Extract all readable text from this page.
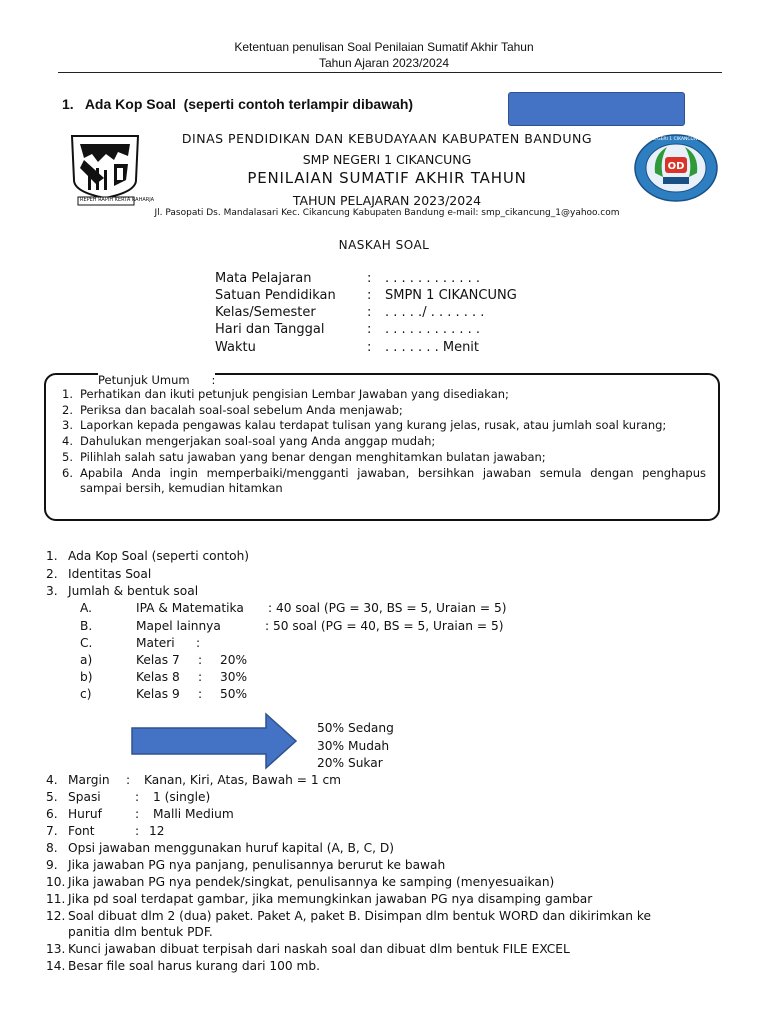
Ketentuan penulisan Soal Penilaian Sumatif Akhir Tahun
Tahun Ajaran 2023/2024
1.   Ada Kop Soal  (seperti contoh terlampir dibawah)
REPEH RAPIH KERTA RAHARJA
DINAS PENDIDIKAN DAN KEBUDAYAAN KABUPATEN BANDUNG
SMP NEGERI 1 CIKANCUNG
PENILAIAN SUMATIF AKHIR TAHUN
TAHUN PELAJARAN 2023/2024
Jl. Pasopati Ds. Mandalasari Kec. Cikancung Kabupaten Bandung e-mail: smp_cikancung_1@yahoo.com
OD
SMP NEGERI 1 CIKANCUNG KAB. BANDUNG
NASKAH SOAL
Mata Pelajaran	: . . . . . . . . . . . .
Satuan Pendidikan : SMPN 1 CIKANCUNG
Kelas/Semester	: . . . . ./ . . . . . . .
Hari dan Tanggal	: . . . . . . . . . . . .
Waktu	: . . . . . . . Menit
Petunjuk Umum      :
1. Perhatikan dan ikuti petunjuk pengisian Lembar Jawaban yang disediakan;
2. Periksa dan bacalah soal-soal sebelum Anda menjawab;
3. Laporkan kepada pengawas kalau terdapat tulisan yang kurang jelas, rusak, atau jumlah soal kurang;
4. Dahulukan mengerjakan soal-soal yang Anda anggap mudah;
5. Pilihlah salah satu jawaban yang benar dengan menghitamkan bulatan jawaban;
6. Apabila Anda ingin memperbaiki/mengganti jawaban, bersihkan jawaban semula dengan penghapus sampai bersih, kemudian hitamkan
1. Ada Kop Soal (seperti contoh)
2. Identitas Soal
3. Jumlah & bentuk soal
A.	IPA & Matematika : 40 soal (PG = 30, BS = 5, Uraian = 5)
B.	Mapel lainnya	: 50 soal (PG = 40, BS = 5, Uraian = 5)
C.	Materi :
a)	Kelas 7 : 20%
b)	Kelas 8 : 30%
c)	Kelas 9 : 50%
50% Sedang
30% Mudah
20% Sukar
4. Margin : Kanan, Kiri, Atas, Bawah = 1 cm
5. Spasi	: 1 (single)
6. Huruf	: Malli Medium
7. Font	: 12
8. Opsi jawaban menggunakan huruf kapital (A, B, C, D)
9. Jika jawaban PG nya panjang, penulisannya berurut ke bawah
10. Jika jawaban PG nya pendek/singkat, penulisannya ke samping (menyesuaikan)
11. Jika pd soal terdapat gambar, jika memungkinkan jawaban PG nya disamping gambar
12. Soal dibuat dlm 2 (dua) paket. Paket A, paket B. Disimpan dlm bentuk WORD dan dikirimkan ke
panitia dlm bentuk PDF.
13. Kunci jawaban dibuat terpisah dari naskah soal dan dibuat dlm bentuk FILE EXCEL
14. Besar file soal harus kurang dari 100 mb.
